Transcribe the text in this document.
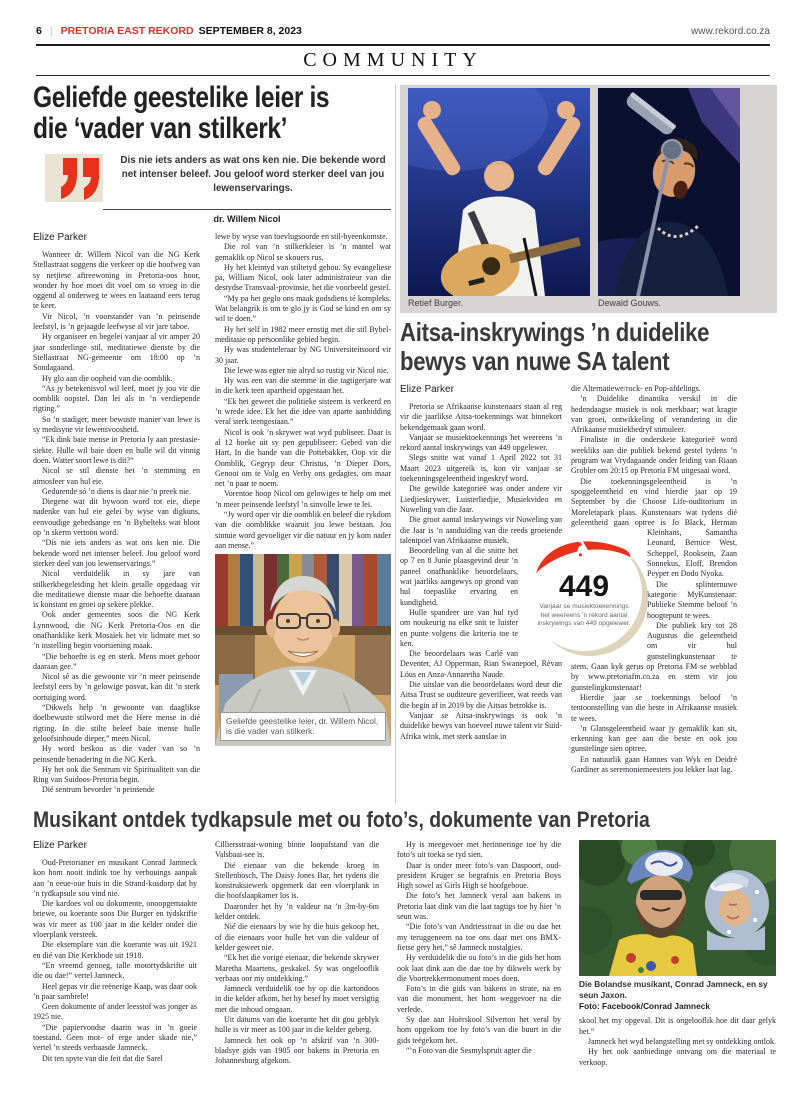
6 | PRETORIA EAST REKORD SEPTEMBER 8, 2023	www.rekord.co.za
COMMUNITY
Geliefde geestelike leier is
die ‘vader van stilkerk’
Dis nie iets anders as wat ons ken nie. Die bekende word net intenser beleef. Jou geloof word sterker deel van jou lewenservarings.
dr. Willem Nicol
Elize Parker

Wanneer dr. Willem Nicol van die NG Kerk Stellastraat soggens die verkeer op die hoofweg van sy netjiese aftreewoning in Pretoria-oos hoor, wonder hy hoe moet dit voel om so vroeg in die oggend al onderweg te wees en laataand eers terug te keer.

Vir Nicol, ’n voorstander van ’n peinsende leefstyl, is ’n gejaagde leefwyse al vir jare taboe.

Hy organiseer en begelei vanjaar al vir amper 20 jaar sonderlinge stil, meditatiewe dienste by die Stellastraat NG-gemeente om 18:00 op ’n Sondagaand.

Hy glo aan die oopheid van die oomblik.

“As jy betekenisvol wil leef, moet jy jou vir die oomblik oopstel. Dan lei als in ’n verdiepende rigting.”

So ’n stadiger, meer bewuste manier van lewe is sy medisyne vir lewensvoosheid.

“Ek dink baie mense in Pretoria ly aan prestasie-siekte. Hulle wil baie doen en hulle wil dit vinnig doen. Watter soort lewe is dit?”

Nicol se stil dienste het ’n stemming en atmosfeer van hul eie.

Gedurende só ’n diens is daar nie ’n preek nie.

Diegene wat dit bywoon word tot eie, diepe nadenke van hul eie gelei by wyse van digkuns, eenvoudige gebedsange en ’n Bybelteks wat bloot op ’n skerm vertoon word.

“Dis nie iets anders as wat ons ken nie. Die bekende word net intenser beleef. Jou geloof word sterker deel van jou lewenservarings.”

Nicol verduidelik in sy jare van stilkerkbegeleiding het klein getalle opgedaag vir die meditatiewe dienste maar die behoefte daaraan is konstant en groei op sekere plekke.

Ook ander gemeentes soos die NG Kerk Lynnwood, die NG Kerk Pretoria-Oos en die onafhanklike kerk Mosaïek het vir lidmate met so ’n instelling begin voorsiening maak.

“Die behoefte is eg en sterk. Mens moet gehoor daaraan gee.”

Nicol sê as die gewoonte vir ’n meer peinsende leefstyl eers by ’n gelowige posvat, kan dit ’n sterk oortuiging word.

“Dikwels help ’n gewoonte van daaglikse doelbewuste stilword met die Here mense in dié rigting. In die stilte beleef baie mense hulle geloofsinhoude dieper,” meen Nicol.

Hy word beskou as die vader van so ’n peinsende benadering in die NG Kerk.

Hy het ook die Sentrum vir Spiritualiteit van die Ring van Suidoos-Pretoria begin.

Dié sentrum bevorder ’n peinsende

lewe by wyse van toevlugsoorde en stil-byeenkomste.

Die rol van ’n stilkerkleier is ’n mantel wat gemaklik op Nicol se skouers rus.

Hy het kleintyd van stiltetyd gehou. Sy evangeliese pa, William Nicol, ook later administrateur van die destydse Transvaal-provinsie, het die voorbeeld gestel.

“My pa het geglo ons maak godsdiens té kompleks. Wat belangrik is om te glo jy is God se kind en om sy wil te doen.”

Hy het self in 1982 meer ernstig met die stil Bybel-meditasie op persoonlike gebied begin.

Hy was studenteleraar by NG Universiteitsoord vir 30 jaar.

Die lewe was egter nie altyd so rustig vir Nicol nie.

Hy was een van die stemme in die tagtigerjare wat in die kerk teen apartheid opgestaan het.

“Ek het geweet die politieke sisteem is verkeerd en ’n wrede idee. Ek het die idee van aparte aanbidding veral sterk teengestaan.”

Nicol is ook ’n skrywer wat wyd publiseer. Daar is al 12 boeke uit sy pen gepubliseer: Gebed van die Hart, In die hande van die Pottebakker, Oop vir die Oomblik, Gegryp deur Christus, ’n Dieper Dors, Genooi om te Volg en Verby ons gedagtes, om maar net ’n paar te noem.

Vorentoe hoop Nicol om gelowiges te help om met ’n meer peinsende leefstyl ’n sinvolle lewe te lei.

“Jy word oper vir die oomblik en beleef die rykdom van die oomblikke waaruit jou lewe bestaan. Jou sintuie word gevoeliger vir die natuur en jy kom nader aan mense.”

Geliefde geestelike leier, dr. Willem Nicol, is die vader van stilkerk.
Retief Burger.	Dewald Gouws.
Aitsa-inskrywings ’n duidelike
bewys van nuwe SA talent
Elize Parker

Pretoria se Afrikaanse kunstenaars staan al reg vir die jaarlikse Aitsa-toekennings wat binnekort bekendgemaak gaan word.

Vanjaar se musiektoekennings het weereens ’n rekord aantal inskrywings van 449 opgelewer.

Slegs snitte wat vanaf 1 April 2022 tot 31 Maart 2023 uitgereik is, kon vir vanjaar se toekenningsgeleentheid ingeskryf word.

Die gewilde kategorieë was onder andere vir Liedjieskrywer, Luisterliedjie, Musiekvideo en Nuweling van die Jaar.

Die groot aantal inskrywings vir Nuweling van die Jaar is ’n aanduiding van die reeds groeiende talentpoel van Afrikaanse musiek.

Beoordeling van al die snitte het op 7 en 8 Junie plaasgevind deur ’n paneel onafhanklike beoordelaars, wat jaarliks aangewys op grond van hul toepaslike ervaring en kundigheid.

Hulle spandeer ure van hul tyd om noukeurig na elke snit te luister en punte volgens die kriteria toe te ken.

Die beoordelaars was Carlé van Deventer, AJ Opperman, Rian Swanepoel, Rèvan Löus en Anza-Annaretha Naude.

Die uitslae van die beoordelaars word deur die Aitsa Trust se ouditeure geverifieer, wat reeds van die begin af in 2019 by die Aitsas betrokke is.

Vanjaar se Aitsa-inskrywings is ook ’n duidelike bewys van hoeveel nuwe talent vir Suid-Afrika wink, met sterk aanslae in

die Alternatiewe/rock- en Pop-afdelings.

’n Duidelike dinamika verskil in die hedendaagse musiek is ook merkbaar; wat kragte van groei, ontwikkeling of verandering in die Afrikaanse musiekbedryf stimuleer.

Finaliste in die onderskeie kategorieë word weekliks aan die publiek bekend gestel tydens ’n program wat Vrydagaande onder leiding van Riaan Grobler om 20:15 op Pretoria FM uitgesaai word.

Die toekenningsgeleentheid is ’n spoggeleentheid en vind hierdie jaar op 19 September by die Choose Life-ouditorium in Moreletapark plaas. Kunstenaars wat tydens dié geleentheid gaan optree is Jo Black, Herman Kleinhans, Samantha Leonard, Bernice West, Scheppel, Rooksein, Zaan Sonnekus, Eloff, Brendon Peyper en Dodo Nyoka.

Die splinternuwe kategorie MyKunstenaar: Publieke Stemme beloof ’n hoogtepunt te wees.

Die publiek kry tot 28 Augustus die geleentheid om vir hul gunstelingkunstenaar te stem. Gaan kyk gerus op Pretoria FM se webblad by www.pretoriafm.co.za en stem vir jou gunstelingkunstenaar!

Hierdie jaar se toekennings beloof ’n tentoonstelling van die beste in Afrikaanse musiek te wees.

’n Glansgeleentheid waar jy gemaklik kan sit, erkenning kan gee aan die beste en ook jou gunstelinge sien optree.

En natuurlik gaan Hannes van Wyk en Deidré Gardiner as seremoniemeesters jou lekker laat lag.

449
Vanjaar se musiektoekennings het weereens ’n rekord aantal inskrywings van 449 opgelewer.
Musikant ontdek tydkapsule met ou foto’s, dokumente van Pretoria
Elize Parker

Oud-Pretorianer en musikant Conrad Jamneck kon hom nooit indink toe hy verbouings aanpak aan ’n eeue-oue huis in die Strand-kusdorp dat hy ’n tydkapsule sou vind nie.

Die kardoes vol ou dokumente, onoopgemaakte briewe, ou koerante soos Die Burger en tydskrifte was vir meer as 100 jaar in die kelder onder die vloerplank versteek.

Die eksemplare van die koerante was uit 1921 en dié van Die Kerkbode uit 1918.

“En vreemd genoeg, talle motortydskrifte uit die ou dae!” vertel Jamneck.

Heel gepas vir die reënerige Kaap, was daar ook ’n paar sambrele!

Geen dokumente of ander leesstof was jonger as 1925 nie.

“Die papiervondse daarin was in ’n goeie toestand. Geen mot- of erge ander skade nie,” vertel ’n steeds verbaasde Jamneck.

Dit ten spyte van die feit dat die Sarel

Cilliersstraat-woning binne loopafstand van die Valsbaai-see is.

Dié eienaar van die bekende kroeg in Stellenbosch, The Daisy Jones Bar, het tydens die konstruksiewerk opgemerk dat een vloerplank in die hoofslaapkamer los is.

Daaronder het hy ’n valdeur na ’n 3m-by-6m kelder ontdek.

Nié die eienaars by wie hy die huis gekoop het, of die eienaars voor hulle het van die valdeur of kelder geweet nie.

“Ek het die vorige eienaar, die bekende skrywer Maretha Maartens, geskakel. Sy was ongelooflik verbaas oor my ontdekking.”

Jamneck verduidelik toe hy op die kartondoos in die kelder afkom, het hy besef hy moet versigtig met die inhoud omgaan.

Uit datums van die koerante het dit gou geblyk hulle is vir meer as 100 jaar in die kelder geberg.

Jamneck het ook op ’n afskrif van ’n 300-bladsye gids van 1905 oor bakens in Pretoria en Johannesburg afgekom.

Hy is meegevoer met herinneringe toe hy die foto’s uit toeka se tyd sien.

Daar is onder meer foto’s van Daspoort, oud-president Kruger se begrafnis en Pretoria Boys High sowel as Girls High se hoofgeboue.

Die foto’s het Jamneck veral aan bakens in Pretoria laat dink van die laat tagtigs toe hy hier ’n seun was.

“Die foto’s van Andriesstraat in die ou dae het my teruggeneem na toe ons daar met ons BMX-fietse gery het,” sê Jamneck nostalgies.

Hy verduidelik die ou foto’s in die gids het hom ook laat dink aan die dae toe hy dikwels werk by die Voortrekkermonument moes doen.

Foto’s in die gids van bakens in strate, na en van die monument, het hom weggevoer na die verlede.

Sy dae aan Hoërskool Silverton het veral by hom opgekom toe hy foto’s van die buurt in die gids teëgekom het.

“’n Foto van die Sesmylspruit agter die

Die Bolandse musikant, Conrad Jamneck, en sy seun Jaxon.
Foto: Facebook/Conrad Jamneck

skool het my opgeval. Dit is ongelooflik hoe dit daar gelyk het.”

Jamneck het wyd belangstelling met sy ontdekking ontlok.

Hy het ook aanbiedinge ontvang om die materiaal te verkoop.
